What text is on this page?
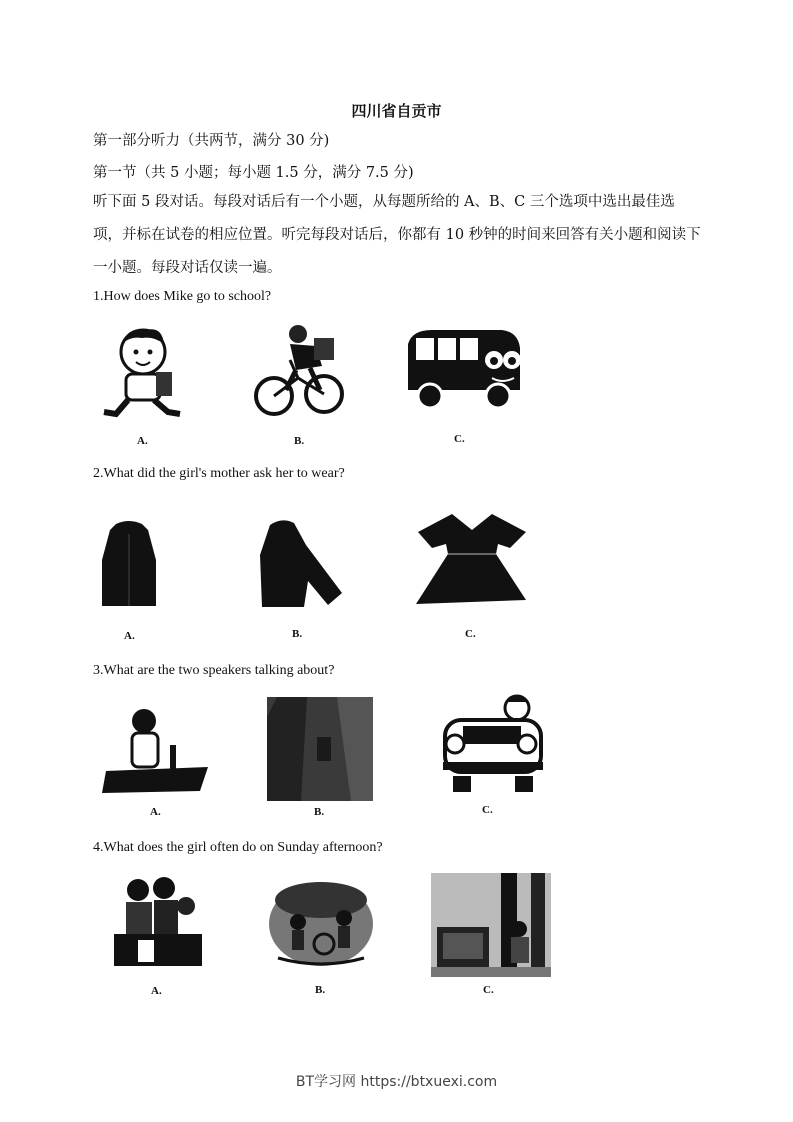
四川省自贡市
第一部分听力（共两节，满分 30 分)
第一节（共 5 小题；每小题 1.5 分，满分 7.5 分)
听下面 5 段对话。每段对话后有一个小题，从每题所给的 A、B、C 三个选项中选出最佳选项，并标在试卷的相应位置。听完每段对话后，你都有 10 秒钟的时间来回答有关小题和阅读下一小题。每段对话仅读一遍。
1.How does Mike go to school?
A.	B.	C.
2.What did the girl's mother ask her to wear?
A.	B.	C.
3.What are the two speakers talking about?
A.	B.	C.
4.What does the girl often do on Sunday afternoon?
A.	B.	C.
BT学习网 https://btxuexi.com
